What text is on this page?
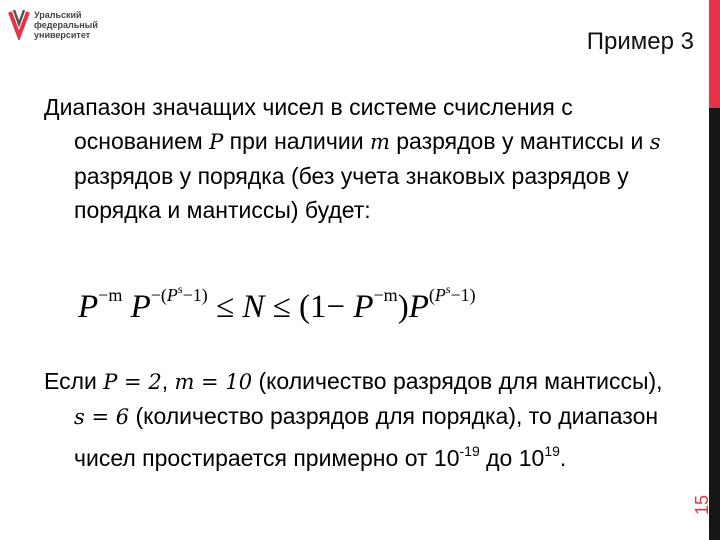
Уральский
федеральный
университет	Пример 3
15
Диапазон значащих чисел в системе счисления с основанием P при наличии m разрядов у мантиссы и s разрядов у порядка (без учета знаковых разрядов у порядка и мантиссы) будет:
$P^{-m}$ $P^{-(P^s-1)} \le N \le (1- P^{-m})P^{(P^s-1)}$
Если P = 2, m = 10 (количество разрядов для мантиссы), s = 6 (количество разрядов для порядка), то диапазон чисел простирается примерно от $10^{-19}$ до $10^{19}$.
